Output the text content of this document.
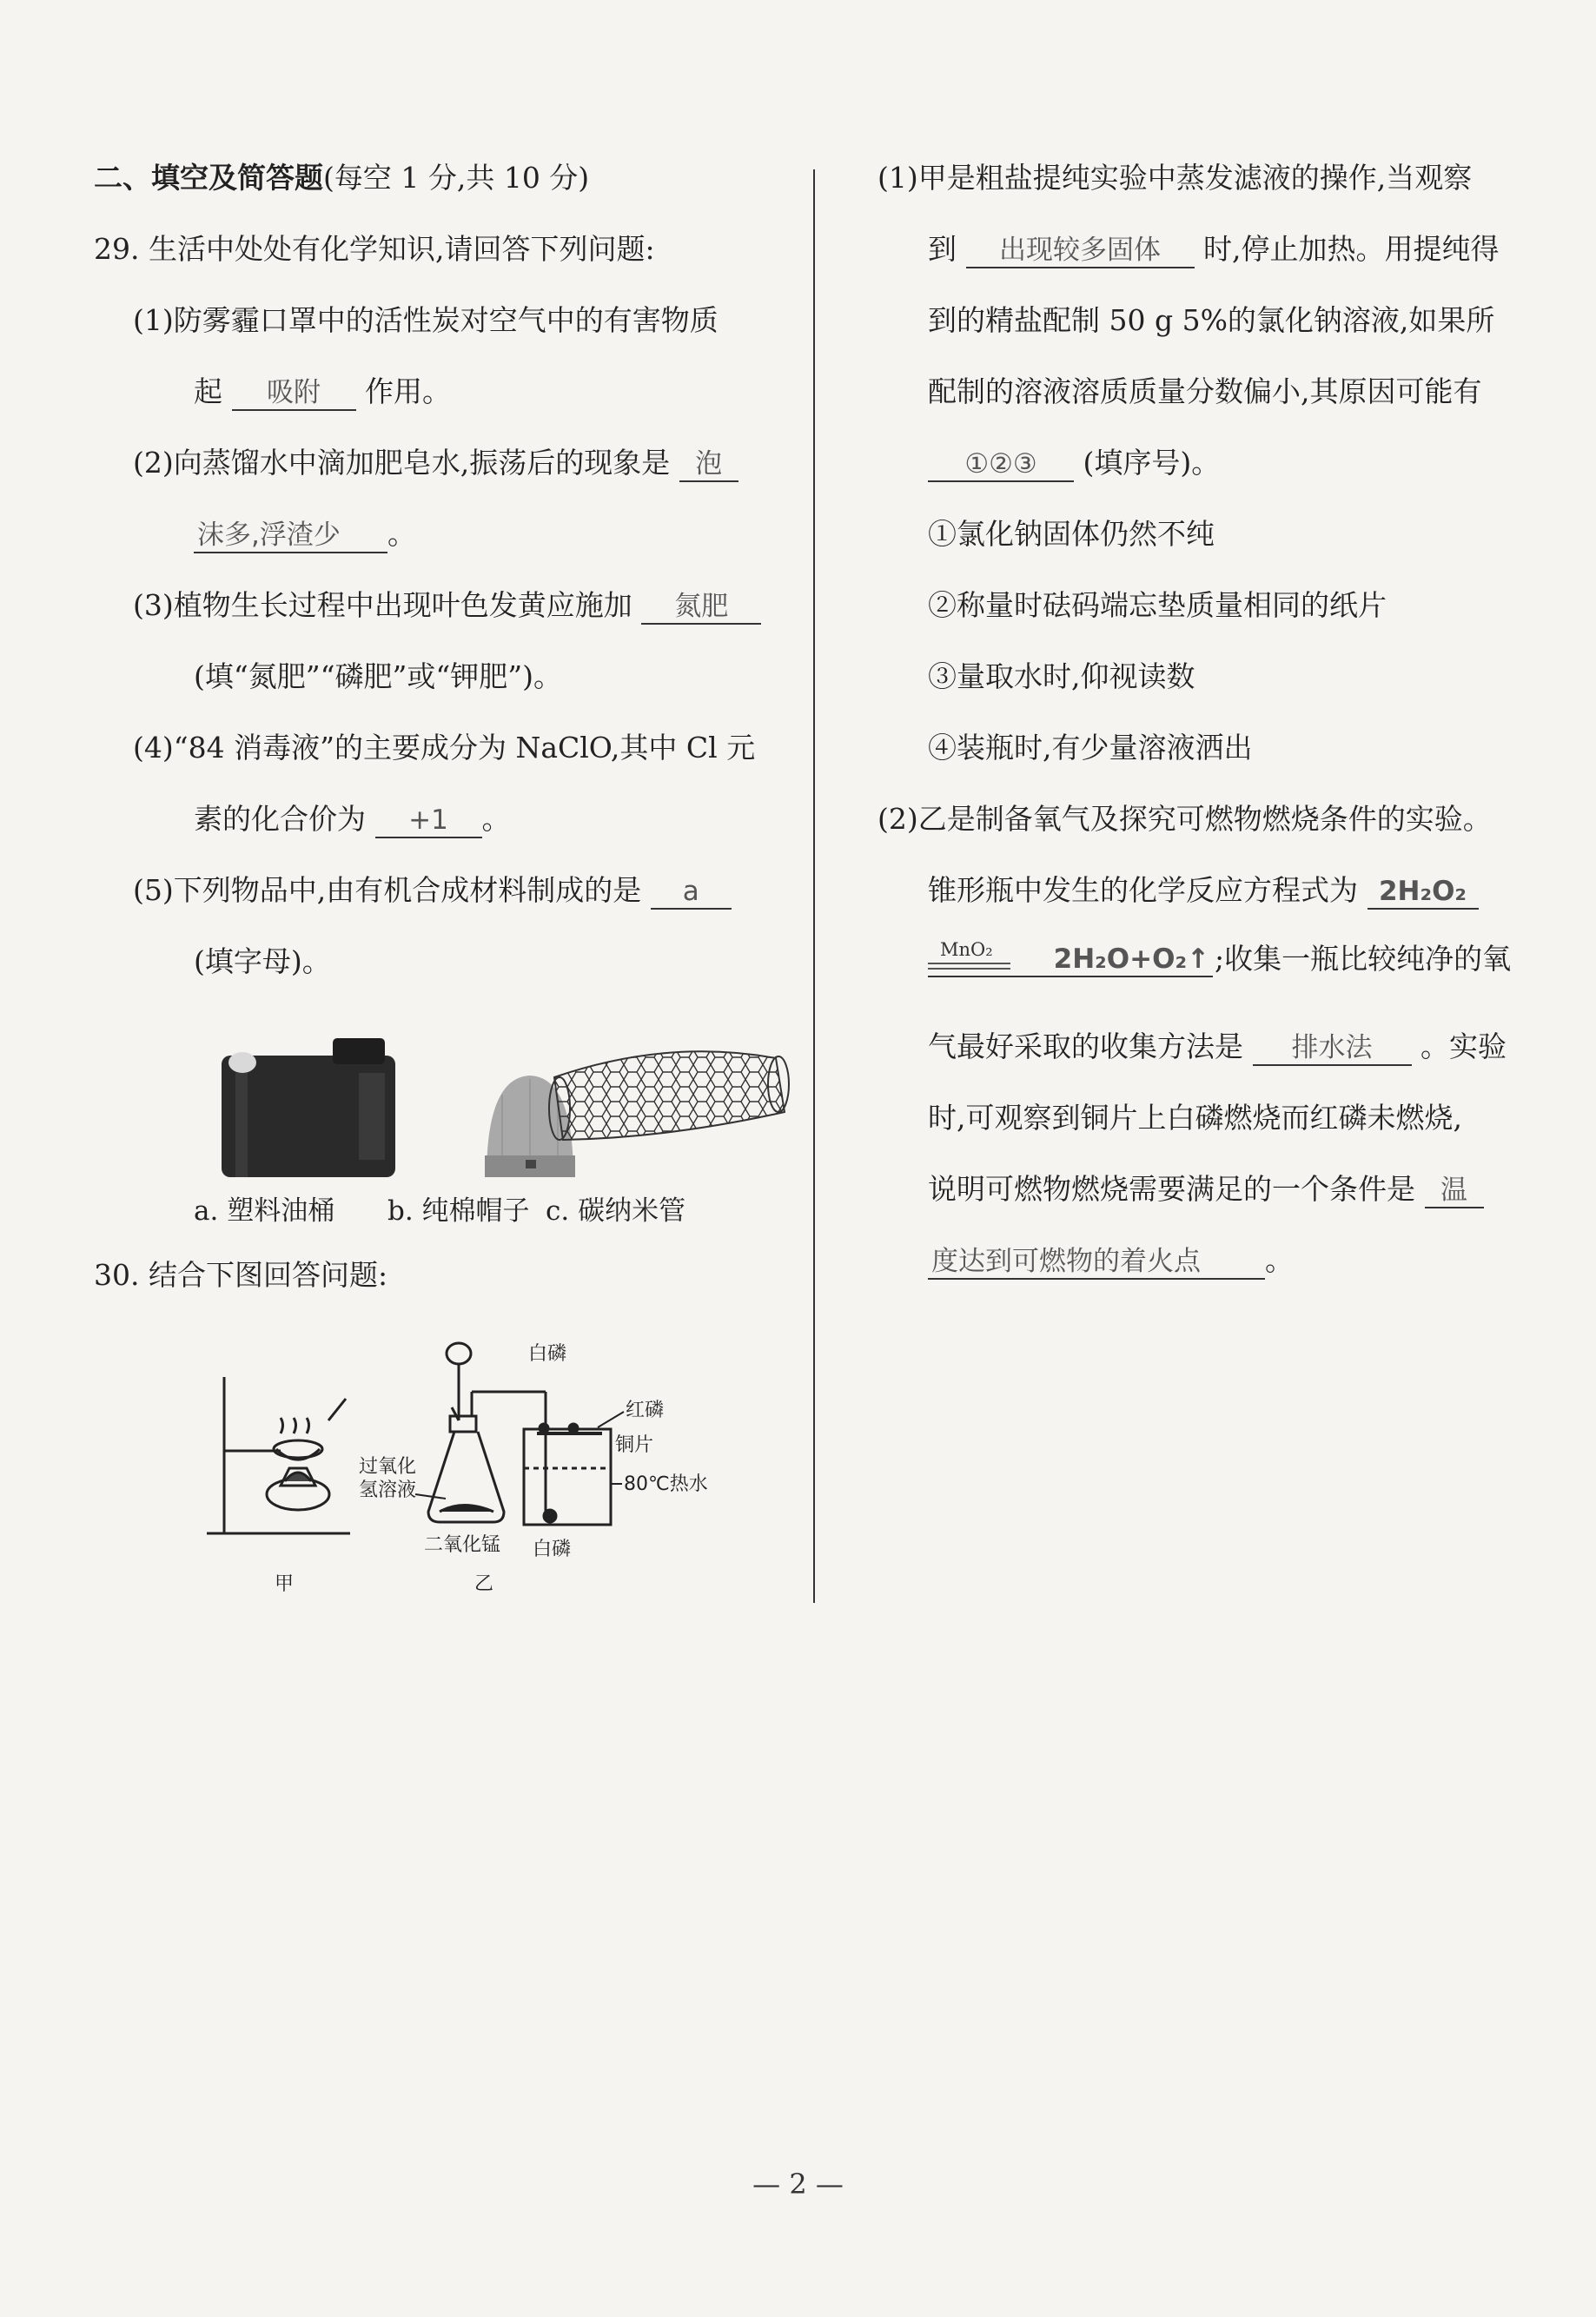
二、填空及简答题(每空 1 分,共 10 分)
29. 生活中处处有化学知识,请回答下列问题:
(1)防雾霾口罩中的活性炭对空气中的有害物质
起 吸附 作用。
(2)向蒸馏水中滴加肥皂水,振荡后的现象是 泡
沫多,浮渣少 。
(3)植物生长过程中出现叶色发黄应施加 氮肥
(填“氮肥”“磷肥”或“钾肥”)。
(4)“84 消毒液”的主要成分为 NaClO,其中 Cl 元
素的化合价为 +1 。
(5)下列物品中,由有机合成材料制成的是 a
(填字母)。
a. 塑料油桶 b. 纯棉帽子 c. 碳纳米管
30. 结合下图回答问题:
白磷
红磷
铜片
80℃热水
过氧化
氢溶液
二氧化锰 白磷
甲	乙
(1)甲是粗盐提纯实验中蒸发滤液的操作,当观察
到 出现较多固体 时,停止加热。用提纯得
到的精盐配制 50 g 5%的氯化钠溶液,如果所
配制的溶液溶质质量分数偏小,其原因可能有
①②③ (填序号)。
①氯化钠固体仍然不纯
②称量时砝码端忘垫质量相同的纸片
③量取水时,仰视读数
④装瓶时,有少量溶液洒出
(2)乙是制备氧气及探究可燃物燃烧条件的实验。
锥形瓶中发生的化学反应方程式为 2H₂O₂
MnO₂	2H₂O+O₂↑ ;收集一瓶比较纯净的氧
气最好采取的收集方法是 排水法 。实验
时,可观察到铜片上白磷燃烧而红磷未燃烧,
说明可燃物燃烧需要满足的一个条件是 温
度达到可燃物的着火点 。
— 2 —
